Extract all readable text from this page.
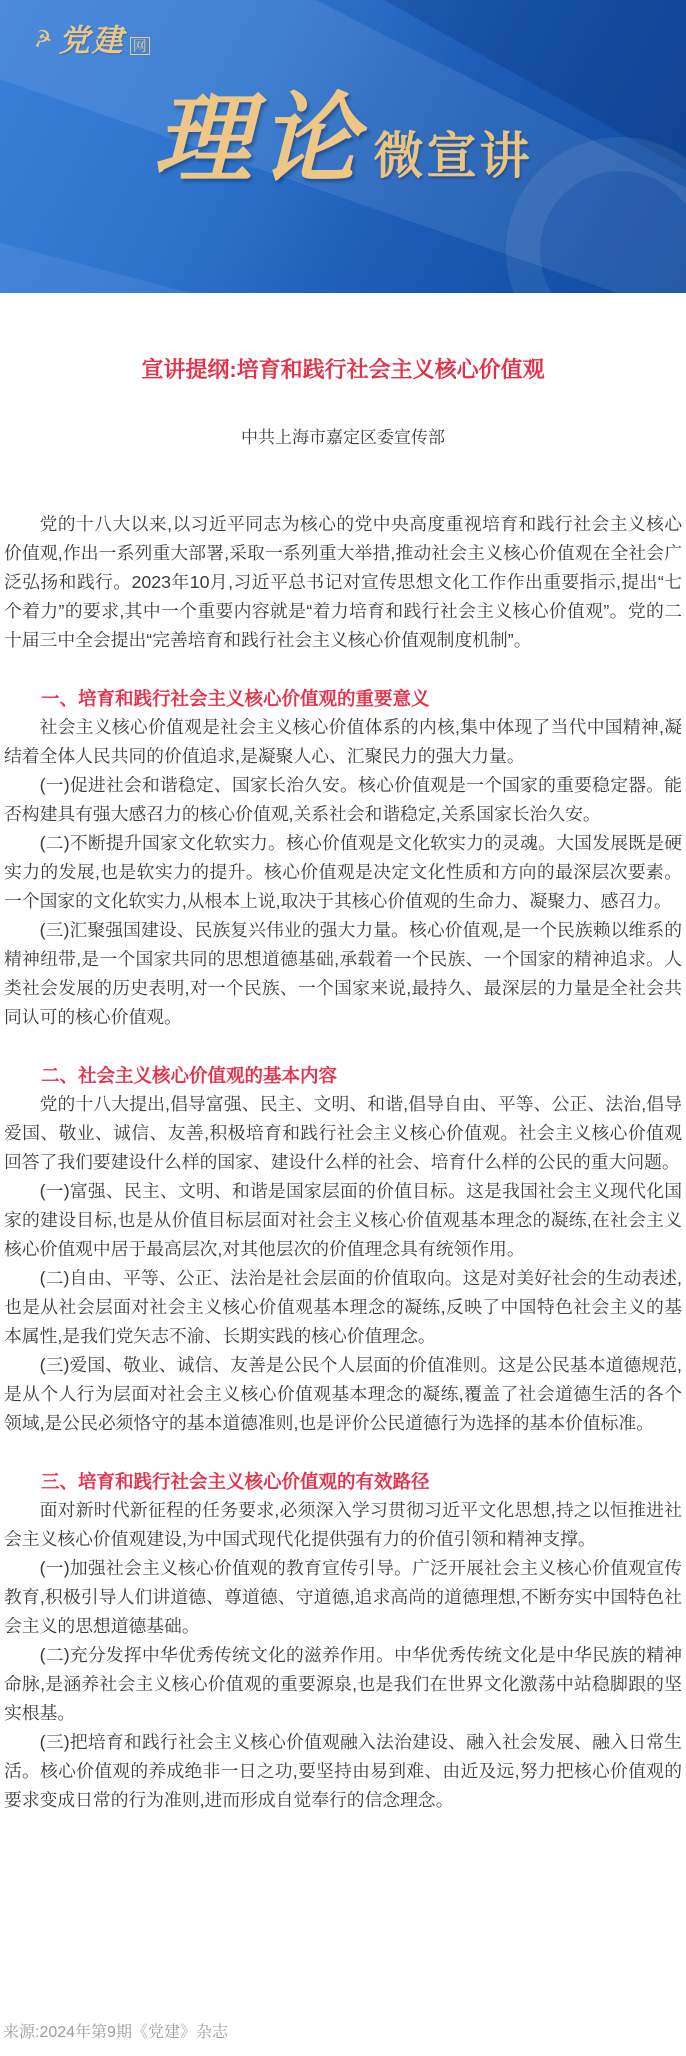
☭ 党建 网
理论 微宣讲
宣讲提纲:培育和践行社会主义核心价值观
中共上海市嘉定区委宣传部

党的十八大以来,以习近平同志为核心的党中央高度重视培育和践行社会主义核心价值观,作出一系列重大部署,采取一系列重大举措,推动社会主义核心价值观在全社会广泛弘扬和践行。2023年10月,习近平总书记对宣传思想文化工作作出重要指示,提出“七个着力”的要求,其中一个重要内容就是“着力培育和践行社会主义核心价值观”。党的二十届三中全会提出“完善培育和践行社会主义核心价值观制度机制”。

一、培育和践行社会主义核心价值观的重要意义

社会主义核心价值观是社会主义核心价值体系的内核,集中体现了当代中国精神,凝结着全体人民共同的价值追求,是凝聚人心、汇聚民力的强大力量。

(一)促进社会和谐稳定、国家长治久安。核心价值观是一个国家的重要稳定器。能否构建具有强大感召力的核心价值观,关系社会和谐稳定,关系国家长治久安。

(二)不断提升国家文化软实力。核心价值观是文化软实力的灵魂。大国发展既是硬实力的发展,也是软实力的提升。核心价值观是决定文化性质和方向的最深层次要素。一个国家的文化软实力,从根本上说,取决于其核心价值观的生命力、凝聚力、感召力。

(三)汇聚强国建设、民族复兴伟业的强大力量。核心价值观,是一个民族赖以维系的精神纽带,是一个国家共同的思想道德基础,承载着一个民族、一个国家的精神追求。人类社会发展的历史表明,对一个民族、一个国家来说,最持久、最深层的力量是全社会共同认可的核心价值观。

二、社会主义核心价值观的基本内容

党的十八大提出,倡导富强、民主、文明、和谐,倡导自由、平等、公正、法治,倡导爱国、敬业、诚信、友善,积极培育和践行社会主义核心价值观。社会主义核心价值观回答了我们要建设什么样的国家、建设什么样的社会、培育什么样的公民的重大问题。

(一)富强、民主、文明、和谐是国家层面的价值目标。这是我国社会主义现代化国家的建设目标,也是从价值目标层面对社会主义核心价值观基本理念的凝练,在社会主义核心价值观中居于最高层次,对其他层次的价值理念具有统领作用。

(二)自由、平等、公正、法治是社会层面的价值取向。这是对美好社会的生动表述,也是从社会层面对社会主义核心价值观基本理念的凝练,反映了中国特色社会主义的基本属性,是我们党矢志不渝、长期实践的核心价值理念。

(三)爱国、敬业、诚信、友善是公民个人层面的价值准则。这是公民基本道德规范,是从个人行为层面对社会主义核心价值观基本理念的凝练,覆盖了社会道德生活的各个领域,是公民必须恪守的基本道德准则,也是评价公民道德行为选择的基本价值标准。

三、培育和践行社会主义核心价值观的有效路径

面对新时代新征程的任务要求,必须深入学习贯彻习近平文化思想,持之以恒推进社会主义核心价值观建设,为中国式现代化提供强有力的价值引领和精神支撑。

(一)加强社会主义核心价值观的教育宣传引导。广泛开展社会主义核心价值观宣传教育,积极引导人们讲道德、尊道德、守道德,追求高尚的道德理想,不断夯实中国特色社会主义的思想道德基础。

(二)充分发挥中华优秀传统文化的滋养作用。中华优秀传统文化是中华民族的精神命脉,是涵养社会主义核心价值观的重要源泉,也是我们在世界文化激荡中站稳脚跟的坚实根基。

(三)把培育和践行社会主义核心价值观融入法治建设、融入社会发展、融入日常生活。核心价值观的养成绝非一日之功,要坚持由易到难、由近及远,努力把核心价值观的要求变成日常的行为准则,进而形成自觉奉行的信念理念。

来源:2024年第9期《党建》杂志
